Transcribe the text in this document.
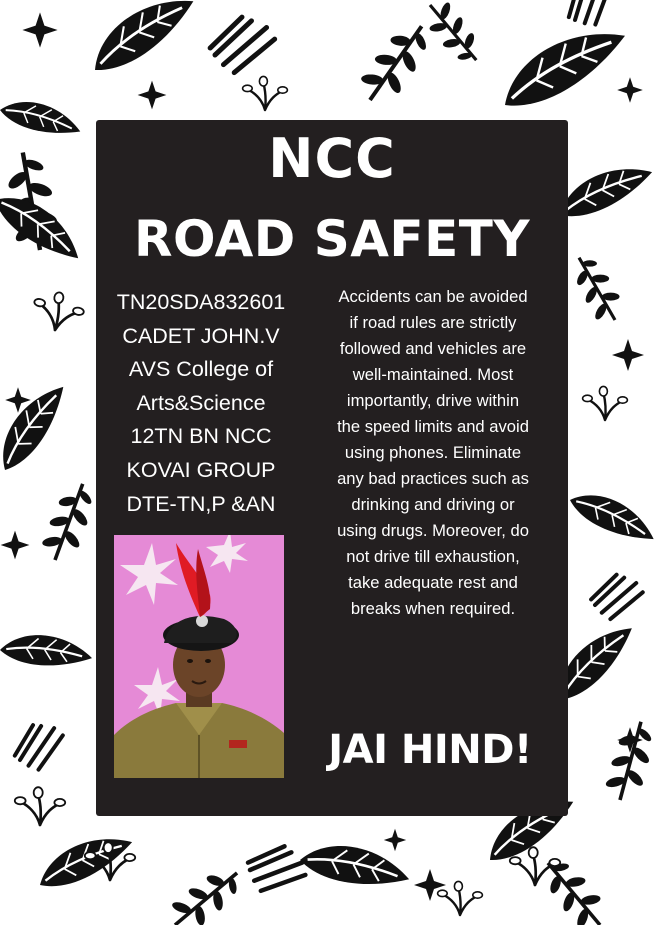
NCC
ROAD SAFETY
TN20SDA832601
CADET JOHN.V
AVS College of
Arts&Science
12TN BN NCC
KOVAI GROUP
DTE-TN,P &AN
Accidents can be avoided if road rules are strictly followed and vehicles are well-maintained. Most importantly, drive within the speed limits and avoid using phones. Eliminate any bad practices such as drinking and driving or using drugs. Moreover, do not drive till exhaustion, take adequate rest and breaks when required.
JAI HIND!
